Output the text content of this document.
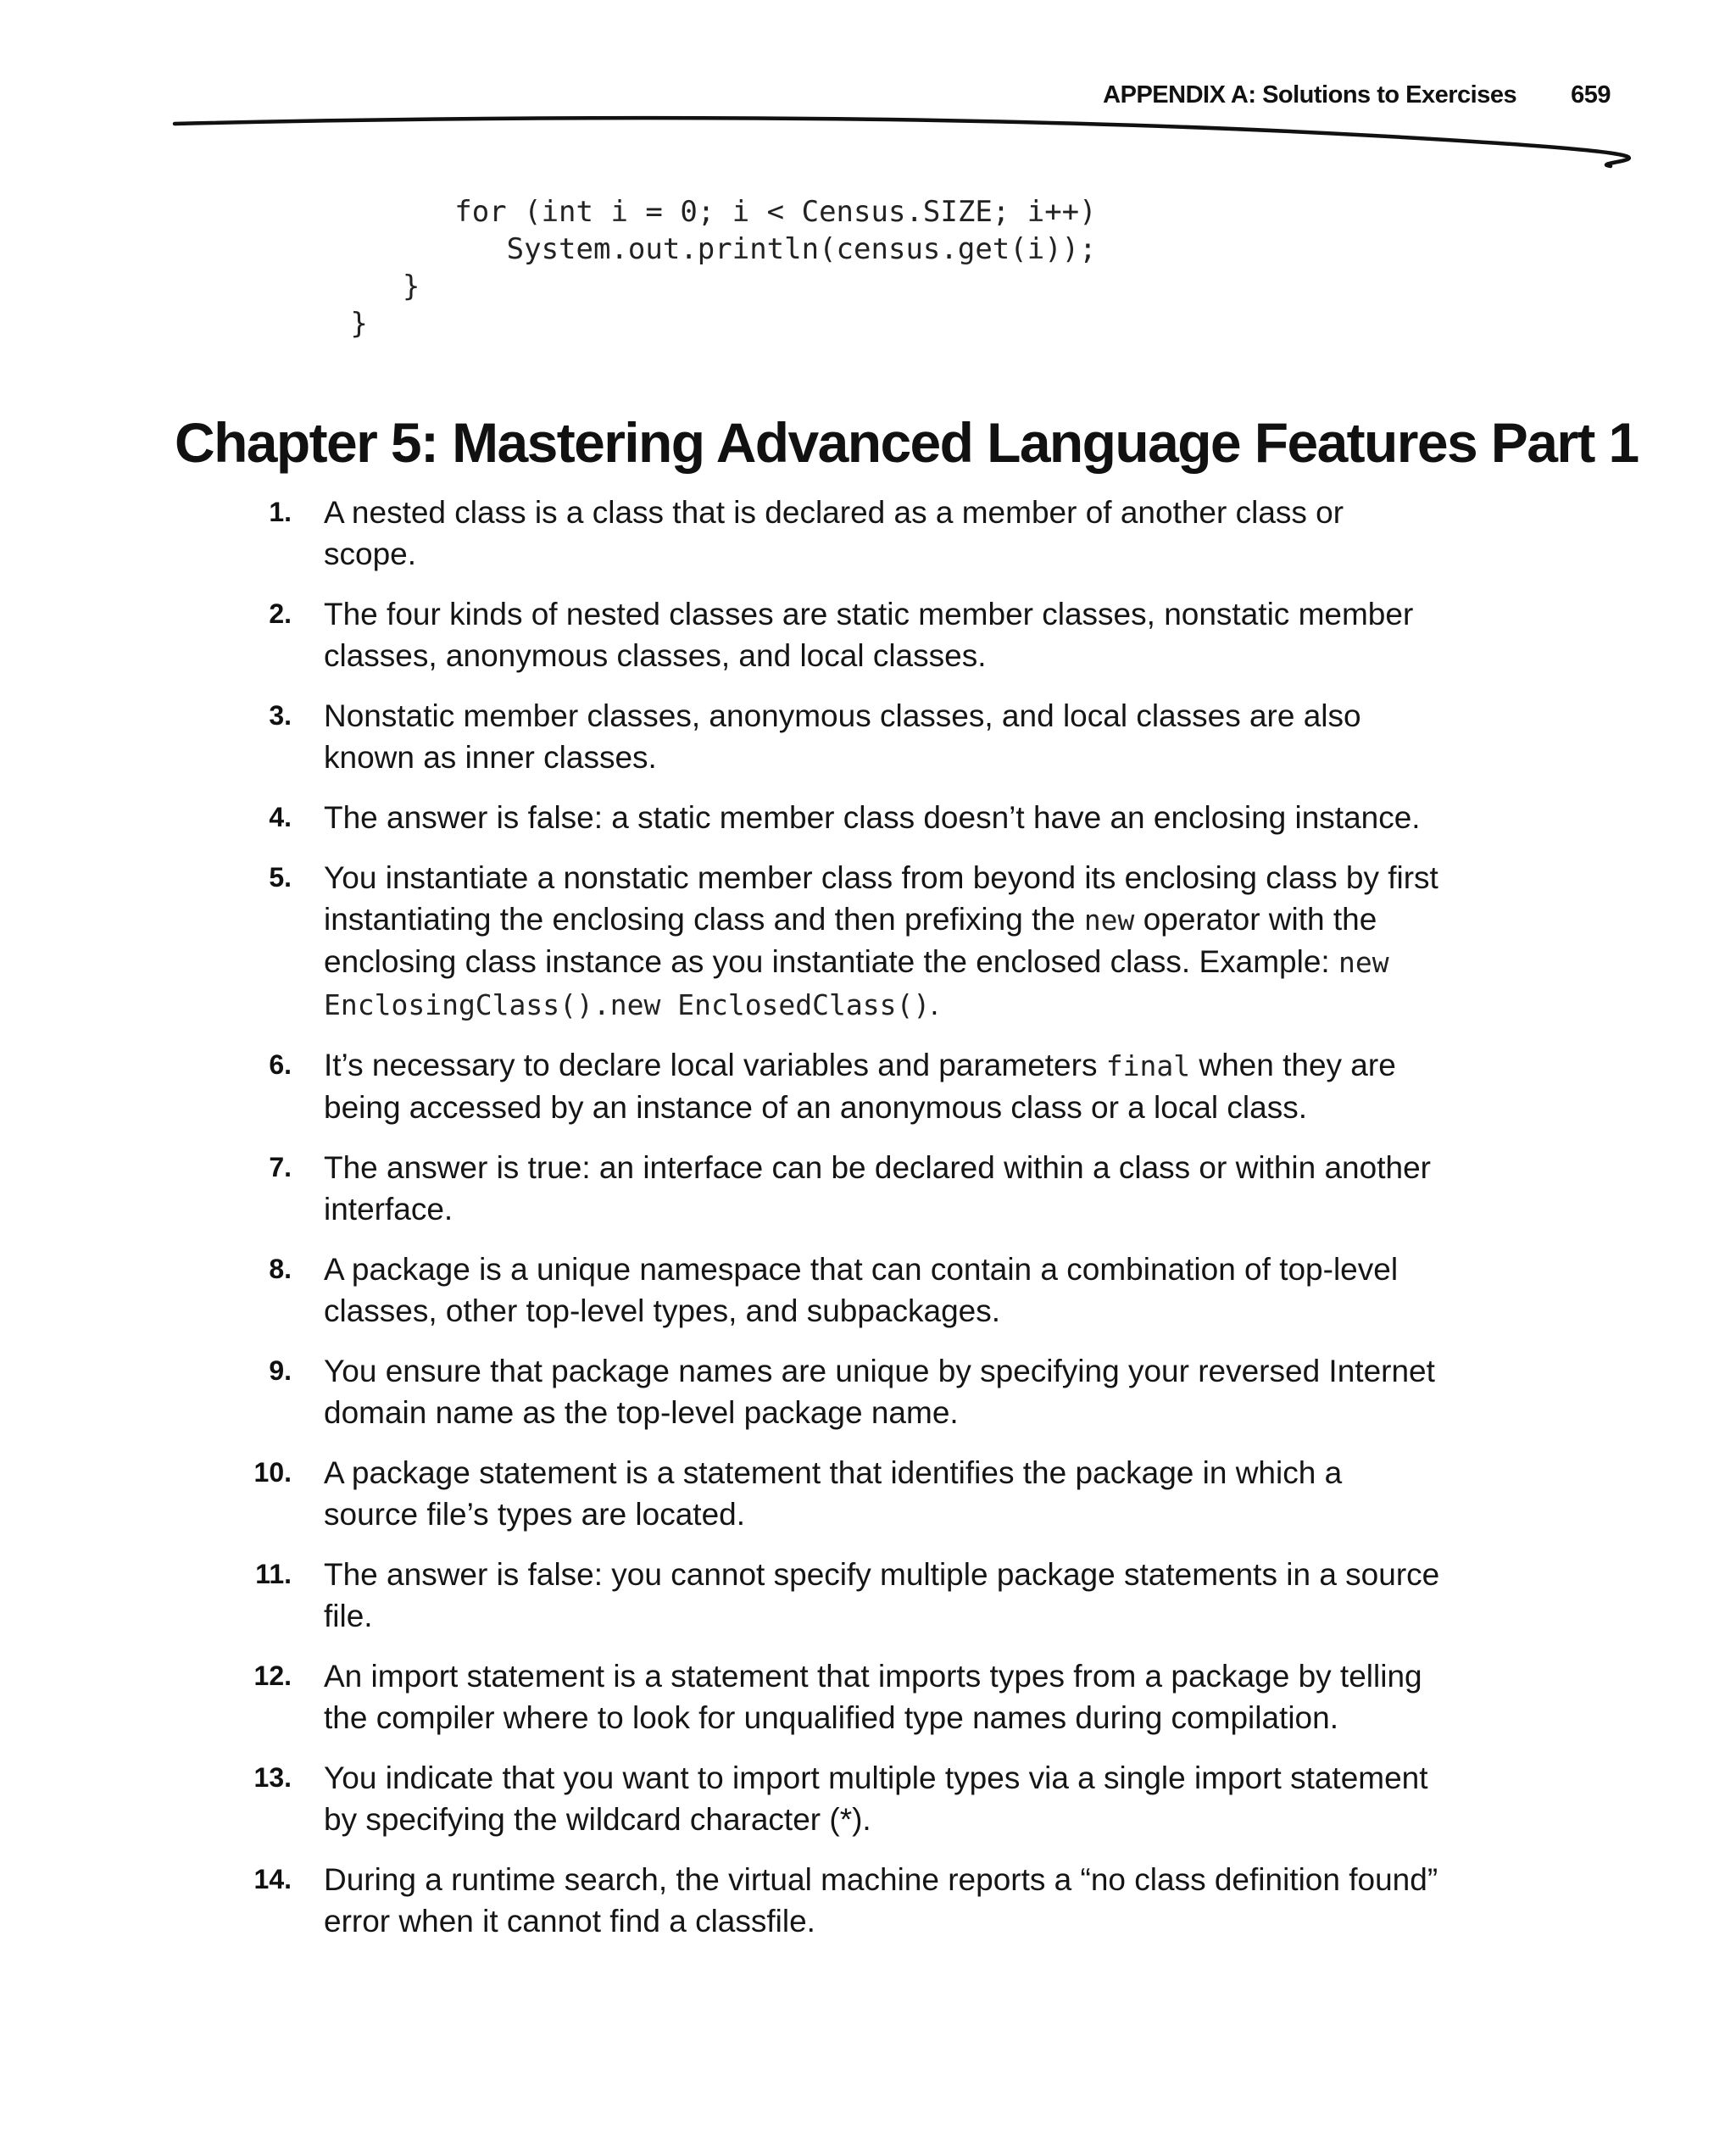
APPENDIX A: Solutions to Exercises 659
for (int i = 0; i < Census.SIZE; i++)
System.out.println(census.get(i));
}
}
Chapter 5: Mastering Advanced Language Features Part 1
1. A nested class is a class that is declared as a member of another class or scope.
2. The four kinds of nested classes are static member classes, nonstatic member classes, anonymous classes, and local classes.
3. Nonstatic member classes, anonymous classes, and local classes are also known as inner classes.
4. The answer is false: a static member class doesn’t have an enclosing instance.
5. You instantiate a nonstatic member class from beyond its enclosing class by first instantiating the enclosing class and then prefixing the new operator with the enclosing class instance as you instantiate the enclosed class. Example: new EnclosingClass().new EnclosedClass().
6. It’s necessary to declare local variables and parameters final when they are being accessed by an instance of an anonymous class or a local class.
7. The answer is true: an interface can be declared within a class or within another interface.
8. A package is a unique namespace that can contain a combination of top-level classes, other top-level types, and subpackages.
9. You ensure that package names are unique by specifying your reversed Internet domain name as the top-level package name.
10. A package statement is a statement that identifies the package in which a source file’s types are located.
11. The answer is false: you cannot specify multiple package statements in a source file.
12. An import statement is a statement that imports types from a package by telling the compiler where to look for unqualified type names during compilation.
13. You indicate that you want to import multiple types via a single import statement by specifying the wildcard character (*).
14. During a runtime search, the virtual machine reports a “no class definition found” error when it cannot find a classfile.
